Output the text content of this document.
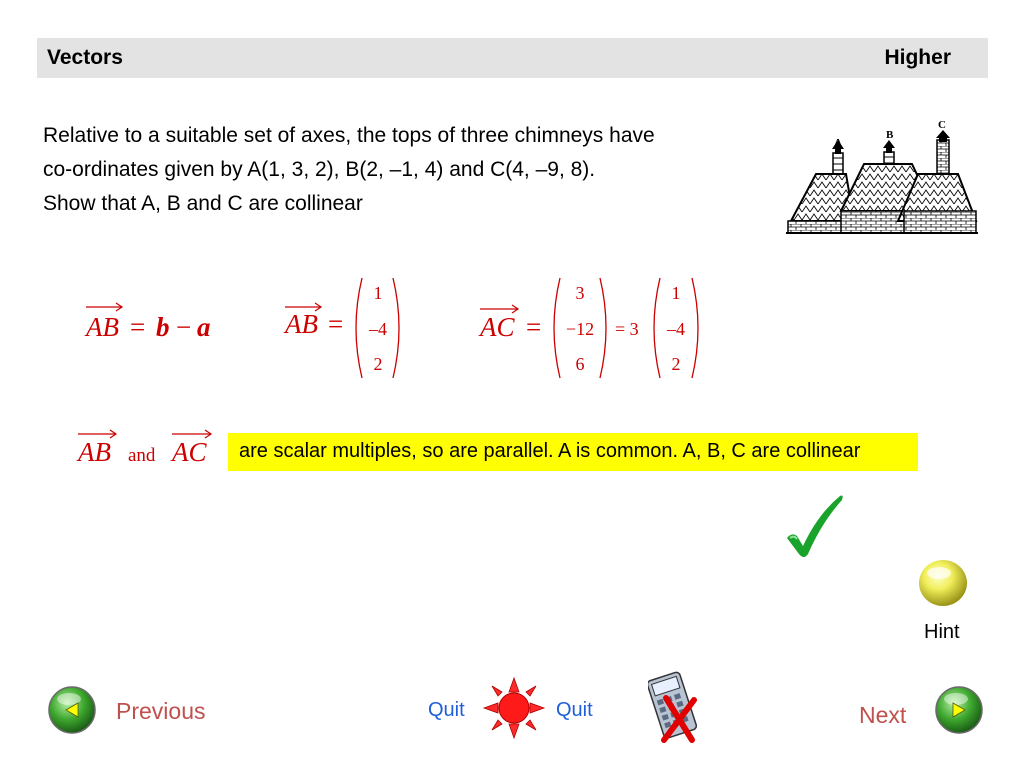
Vectors	Higher
Relative to a suitable set of axes, the tops of three chimneys have
co-ordinates given by A(1, 3, 2), B(2, –1, 4) and C(4, –9, 8).
Show that A, B and C are collinear
A
B
C
AB = b − a	AB =
1
–4
2
AC =
3
−12
6
= 3
1
–4
2
AB and AC are scalar multiples, so are parallel. A is common. A, B, C are collinear
Hint
Previous	Quit	Quit	Next
